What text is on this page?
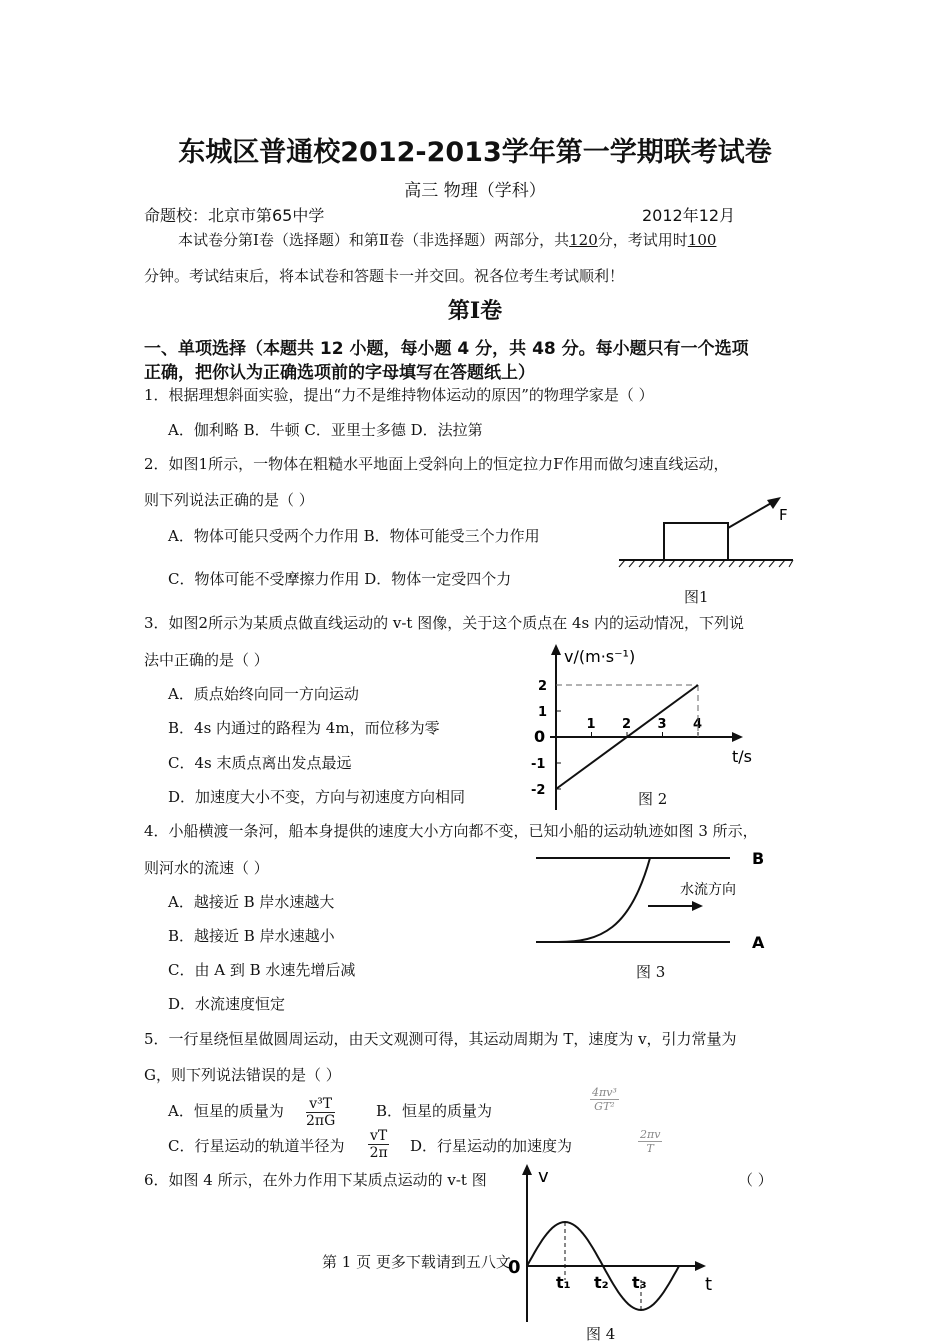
东城区普通校2012-2013学年第一学期联考试卷
高三 物理（学科）
命题校：北京市第65中学	2012年12月
本试卷分第Ⅰ卷（选择题）和第Ⅱ卷（非选择题）两部分，共120分，考试用时100
分钟。考试结束后，将本试卷和答题卡一并交回。祝各位考生考试顺利！
第Ⅰ卷
一、单项选择（本题共 12 小题，每小题 4 分，共 48 分。每小题只有一个选项
正确，把你认为正确选项前的字母填写在答题纸上）
1．根据理想斜面实验，提出“力不是维持物体运动的原因”的物理学家是（ ）
A．伽利略 B．牛顿 C．亚里士多德 D．法拉第
2．如图1所示，一物体在粗糙水平地面上受斜向上的恒定拉力F作用而做匀速直线运动，
则下列说法正确的是（ ）
A．物体可能只受两个力作用 B．物体可能受三个力作用
C．物体可能不受摩擦力作用 D．物体一定受四个力
F
图1
3．如图2所示为某质点做直线运动的 v-t 图像，关于这个质点在 4s 内的运动情况，下列说
法中正确的是（ ）
A．质点始终向同一方向运动
B．4s 内通过的路程为 4m，而位移为零
C．4s 末质点离出发点最远
D．加速度大小不变，方向与初速度方向相同
v/(m·s⁻¹)
t/s
1 2 3 4
2
1
0
-1
-2	图 2
4．小船横渡一条河，船本身提供的速度大小方向都不变，已知小船的运动轨迹如图 3 所示，
则河水的流速（ ）
A．越接近 B 岸水速越大
B．越接近 B 岸水速越小
C．由 A 到 B 水速先增后减
D．水流速度恒定
B
A
水流方向
图 3
5．一行星绕恒星做圆周运动，由天文观测可得，其运动周期为 T，速度为 v，引力常量为
G，则下列说法错误的是（ ）
A．恒星的质量为 $\frac{\text{v³T}}{2\pi G}$	B．恒星的质量为	$\frac{\text{4πv³}}{\text{GT²}}$
C．行星运动的轨道半径为 $\frac{vT}{2\pi}$ D．行星运动的加速度为	$\frac{2\pi v}{T}$
6．如图 4 所示，在外力作用下某质点运动的 v-t 图	（ ）
第 1 页 更多下载请到五八文
v
t
0
t₁ t₂ t₃
图 4
